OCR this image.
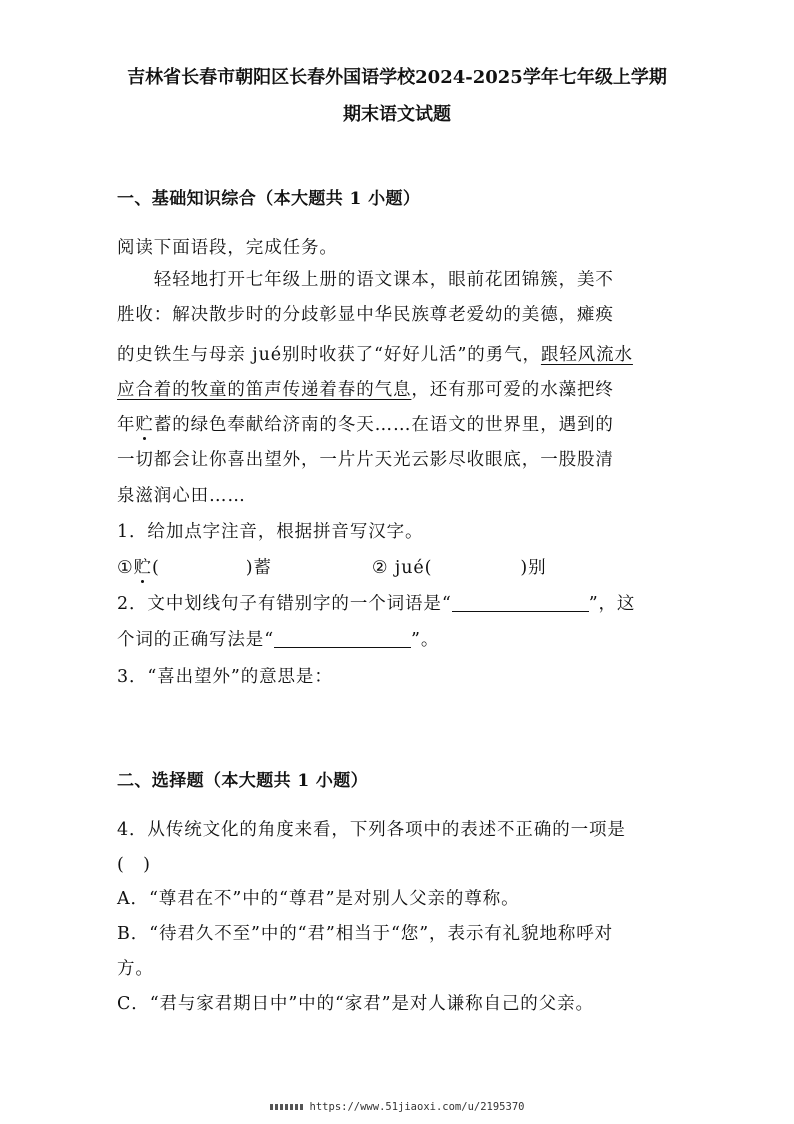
吉林省长春市朝阳区长春外国语学校2024-2025学年七年级上学期
期末语文试题
一、基础知识综合（本大题共 1 小题）
阅读下面语段，完成任务。
　　轻轻地打开七年级上册的语文课本，眼前花团锦簇，美不
胜收：解决散步时的分歧彰显中华民族尊老爱幼的美德，瘫痪
的史铁生与母亲 jué别时收获了“好好儿活”的勇气，跟轻风流水
应合着的牧童的笛声传递着春的气息，还有那可爱的水藻把终
年贮蓄的绿色奉献给济南的冬天……在语文的世界里，遇到的
一切都会让你喜出望外，一片片天光云影尽收眼底，一股股清
泉滋润心田……
1．给加点字注音，根据拼音写汉字。
①贮(	)蓄	② jué(	)别
2．文中划线句子有错别字的一个词语是“	”，这
个词的正确写法是“	”。
3．“喜出望外”的意思是：
二、选择题（本大题共 1 小题）
4．从传统文化的角度来看，下列各项中的表述不正确的一项是
(　)
A．“尊君在不”中的“尊君”是对别人父亲的尊称。
B．“待君久不至”中的“君”相当于“您”，表示有礼貌地称呼对
方。
C．“君与家君期日中”中的“家君”是对人谦称自己的父亲。
https://www.51jiaoxi.com/u/2195370
